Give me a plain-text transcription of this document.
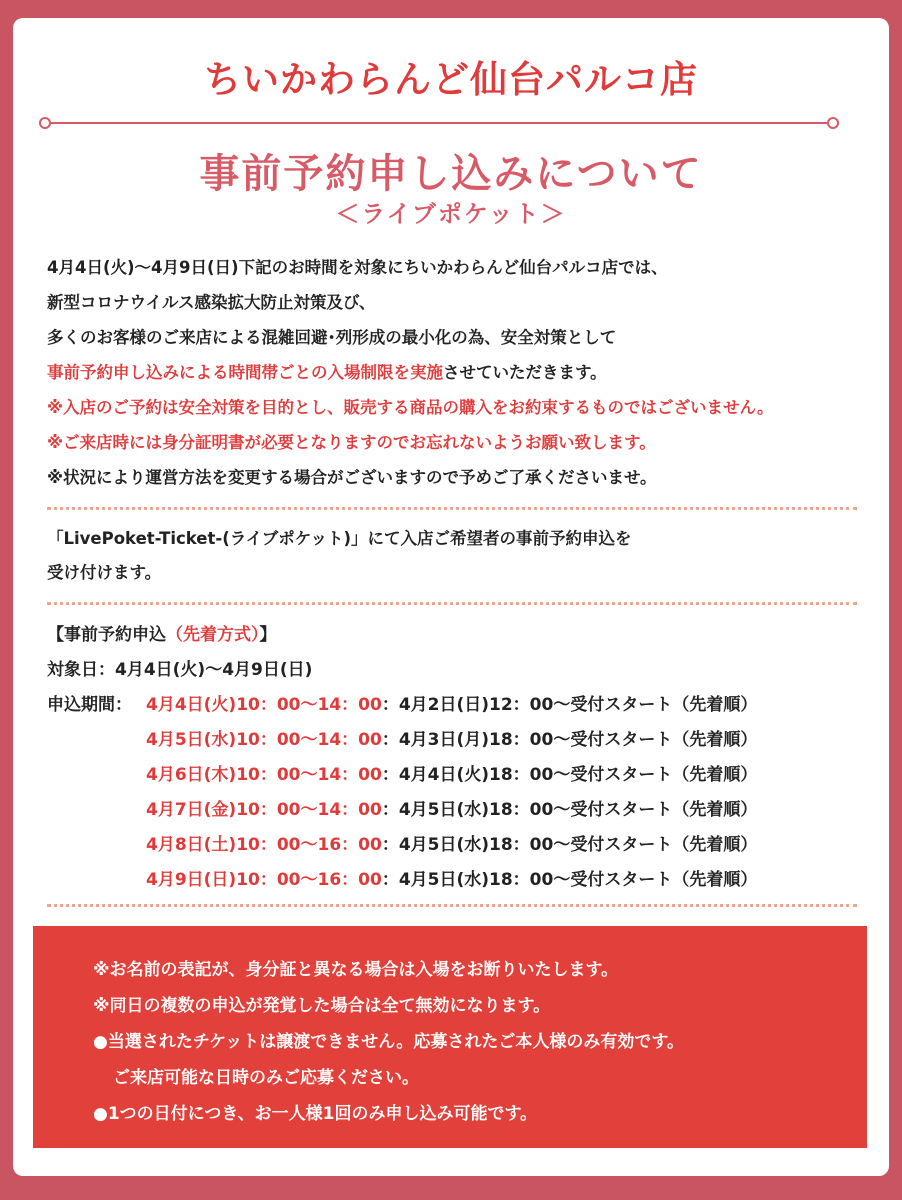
ちいかわらんど仙台パルコ店
事前予約申し込みについて
＜ライブポケット＞
4月4日(火)〜4月9日(日)下記のお時間を対象にちいかわらんど仙台パルコ店では、
新型コロナウイルス感染拡大防止対策及び、
多くのお客様のご来店による混雑回避･列形成の最小化の為、安全対策として
事前予約申し込みによる時間帯ごとの入場制限を実施させていただきます。
※入店のご予約は安全対策を目的とし、販売する商品の購入をお約束するものではございません。
※ご来店時には身分証明書が必要となりますのでお忘れないようお願い致します。
※状況により運営方法を変更する場合がございますので予めご了承くださいませ。
「LivePoket-Ticket-(ライブポケット)」にて入店ご希望者の事前予約申込を
受け付けます。
【事前予約申込（先着方式）】
対象日：4月4日(火)〜4月9日(日)
申込期間： 4月4日(火)10：00〜14：00：4月2日(日)12：00〜受付スタート（先着順）
4月5日(水)10：00〜14：00：4月3日(月)18：00〜受付スタート（先着順）
4月6日(木)10：00〜14：00：4月4日(火)18：00〜受付スタート（先着順）
4月7日(金)10：00〜14：00：4月5日(水)18：00〜受付スタート（先着順）
4月8日(土)10：00〜16：00：4月5日(水)18：00〜受付スタート（先着順）
4月9日(日)10：00〜16：00：4月5日(水)18：00〜受付スタート（先着順）
※お名前の表記が、身分証と異なる場合は入場をお断りいたします。
※同日の複数の申込が発覚した場合は全て無効になります。
●当選されたチケットは譲渡できません。応募されたご本人様のみ有効です。
ご来店可能な日時のみご応募ください。
●1つの日付につき、お一人様1回のみ申し込み可能です。
